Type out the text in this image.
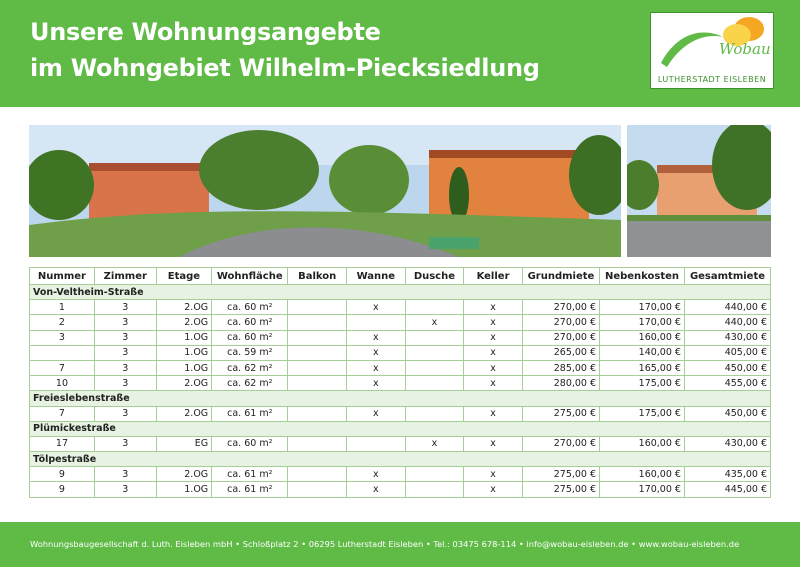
Unsere Wohnungsangebte
im Wohngebiet Wilhelm-Piecksiedlung
Wobau
LUTHERSTADT EISLEBEN
Nummer	Zimmer	Etage	Wohnfläche	Balkon	Wanne	Dusche	Keller	Grundmiete	Nebenkosten	Gesamtmiete
Von-Veltheim-Straße										
1	3	2.OG	ca. 60 m²		x		x	270,00 €	170,00 €	440,00 €
2	3	2.OG	ca. 60 m²			x	x	270,00 €	170,00 €	440,00 €
3	3	1.OG	ca. 60 m²		x		x	270,00 €	160,00 €	430,00 €
	3	1.OG	ca. 59 m²		x		x	265,00 €	140,00 €	405,00 €
7	3	1.OG	ca. 62 m²		x		x	285,00 €	165,00 €	450,00 €
10	3	2.OG	ca. 62 m²		x		x	280,00 €	175,00 €	455,00 €
Freieslebenstraße										
7	3	2.OG	ca. 61 m²		x		x	275,00 €	175,00 €	450,00 €
Plümickestraße										
17	3	EG	ca. 60 m²			x	x	270,00 €	160,00 €	430,00 €
Tölpestraße										
9	3	2.OG	ca. 61 m²		x		x	275,00 €	160,00 €	435,00 €
9	3	1.OG	ca. 61 m²		x		x	275,00 €	170,00 €	445,00 €
Wohnungsbaugesellschaft d. Luth. Eisleben mbH • Schloßplatz 2 • 06295 Lutherstadt Eisleben • Tel.: 03475 678-114 • info@wobau-eisleben.de • www.wobau-eisleben.de
